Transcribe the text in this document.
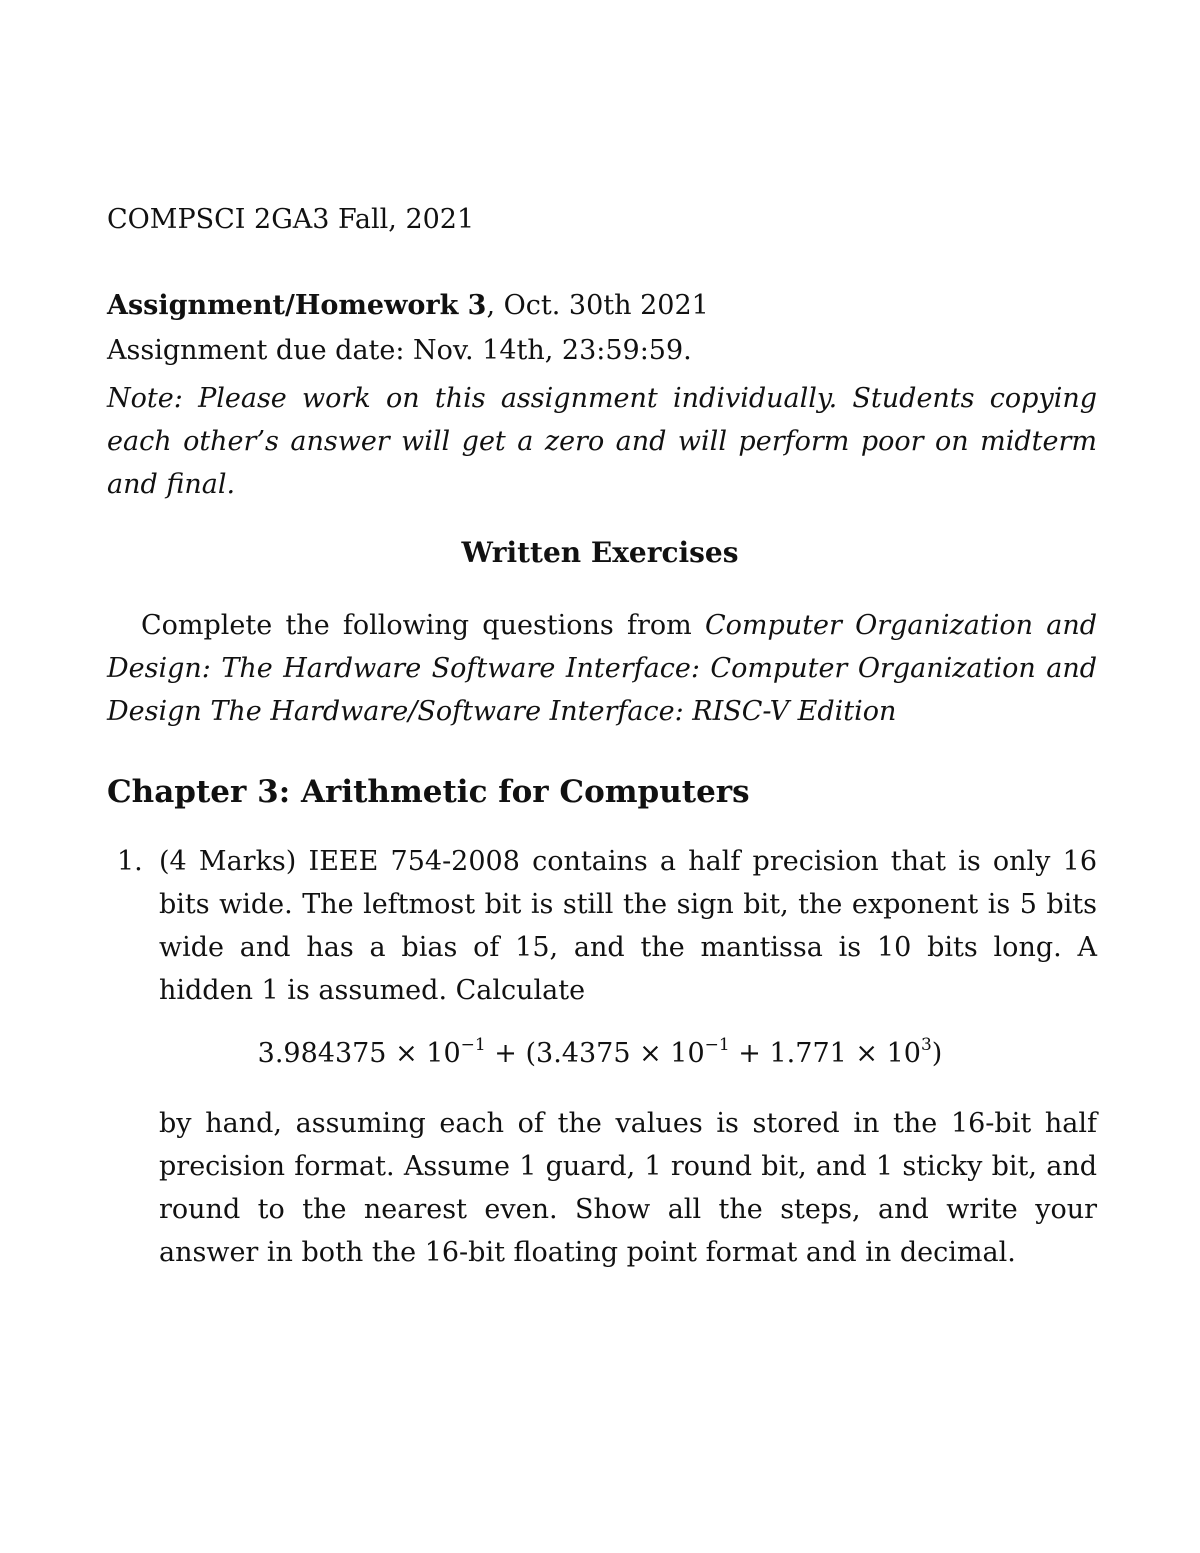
COMPSCI 2GA3 Fall, 2021
Assignment/Homework 3, Oct. 30th 2021
Assignment due date: Nov. 14th, 23:59:59.
Note: Please work on this assignment individually. Students copying each other’s answer will get a zero and will perform poor on midterm and final.
Written Exercises
Complete the following questions from Computer Organization and Design: The Hardware Software Interface: Computer Organization and Design The Hardware/Software Interface: RISC-V Edition
Chapter 3: Arithmetic for Computers
1. (4 Marks) IEEE 754-2008 contains a half precision that is only 16 bits wide. The leftmost bit is still the sign bit, the exponent is 5 bits wide and has a bias of 15, and the mantissa is 10 bits long. A hidden 1 is assumed. Calculate
$3.984375 \times 10^{-1} + (3.4375 \times 10^{-1} + 1.771 \times 10^3)$
by hand, assuming each of the values is stored in the 16-bit half precision format. Assume 1 guard, 1 round bit, and 1 sticky bit, and round to the nearest even. Show all the steps, and write your answer in both the 16-bit floating point format and in decimal.
